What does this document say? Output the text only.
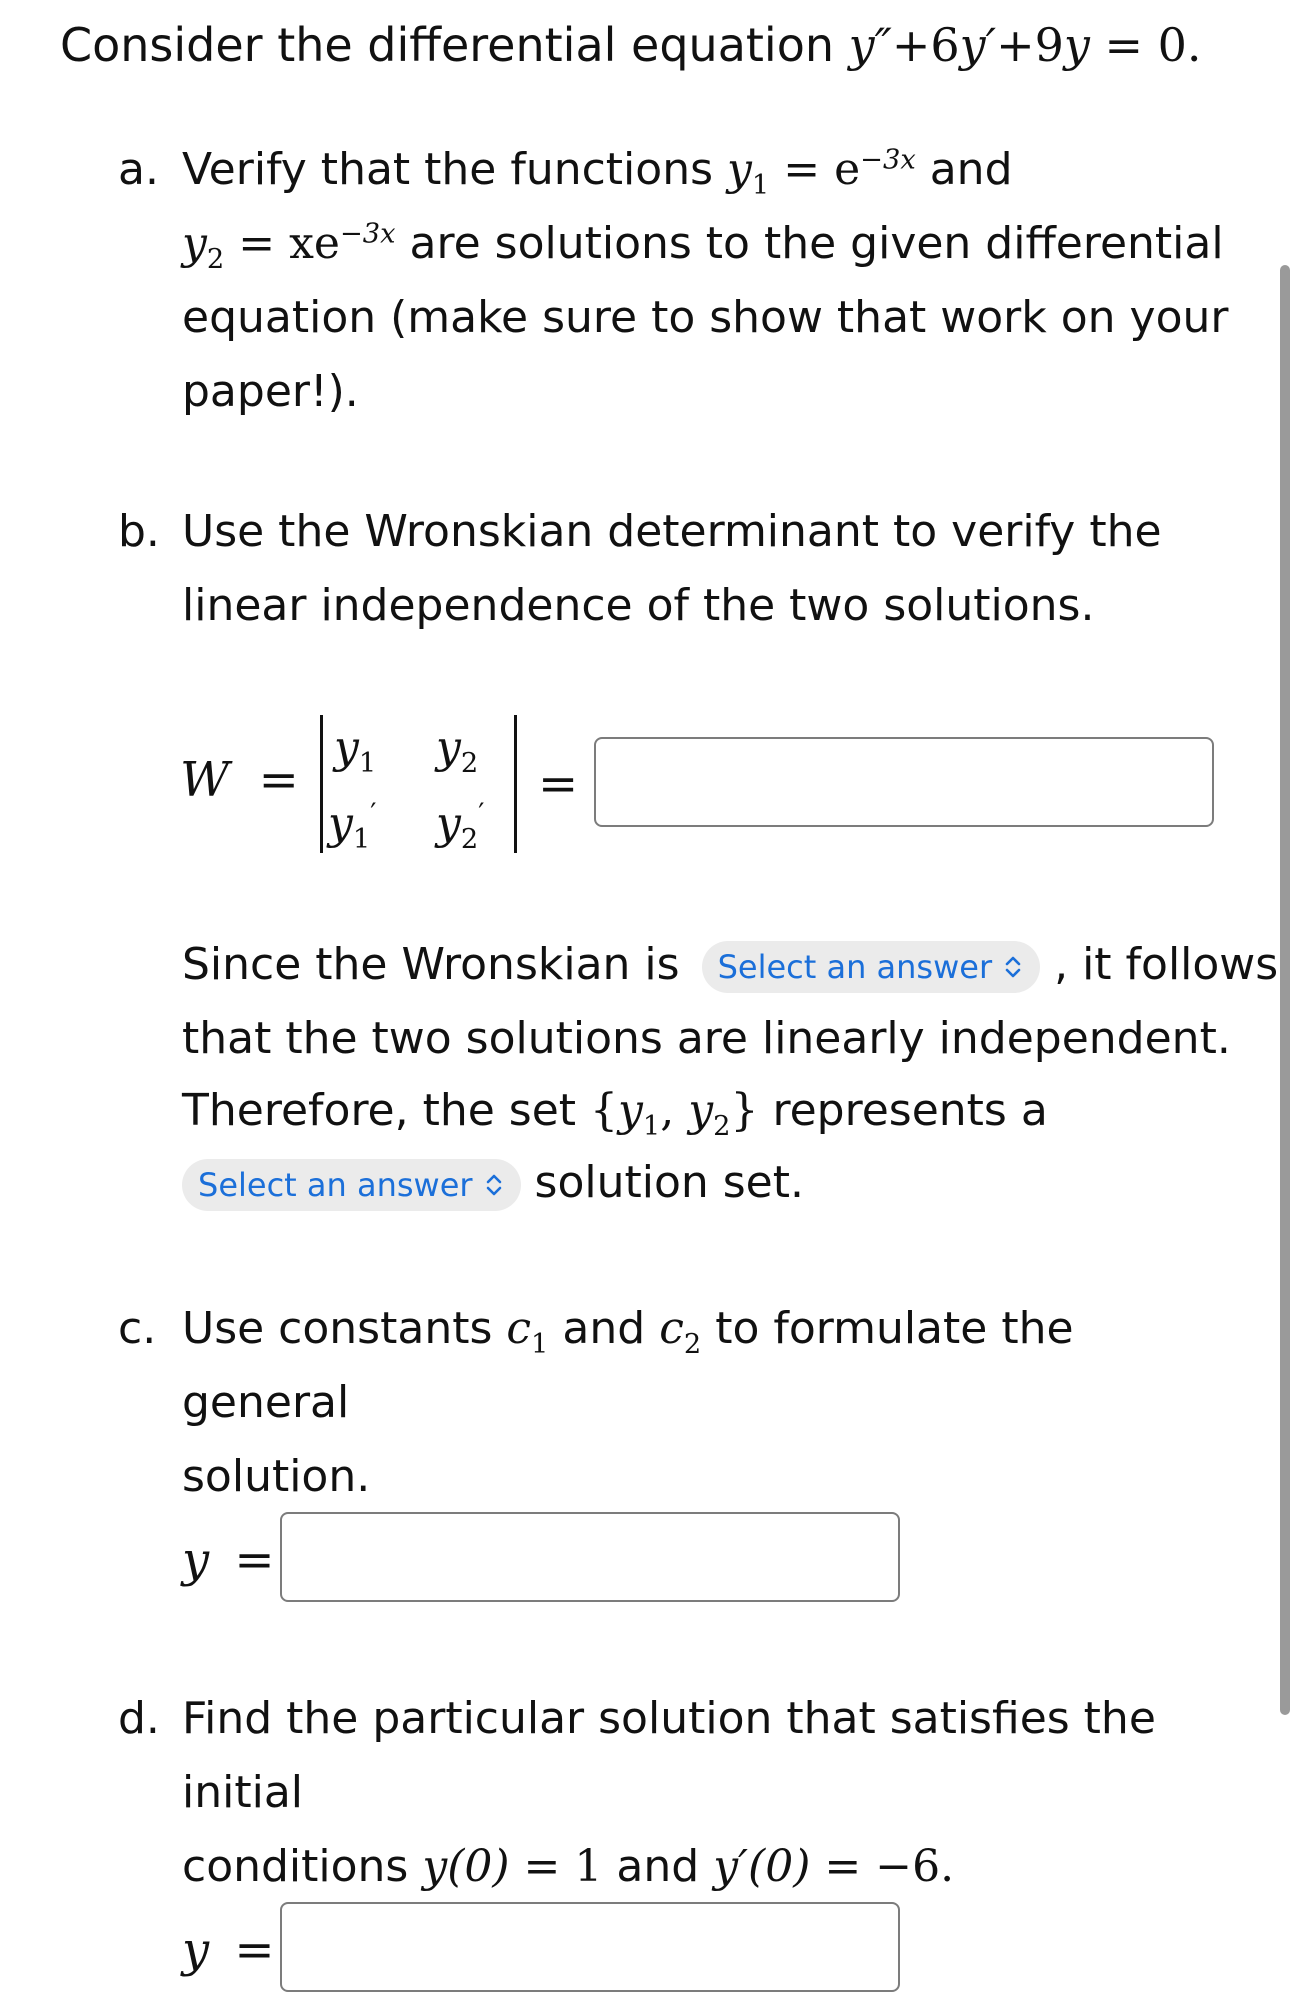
Consider the differential equation y″+6y′+9y = 0.
a. Verify that the functions $y_1 = e^{-3x}$ and
$y_2 = xe^{-3x}$ are solutions to the given differential
equation (make sure to show that work on your
paper!).
b. Use the Wronskian determinant to verify the
linear independence of the two solutions.
W =
$y_1$ $y_2$
$y_1'$ $y_2'$
=
Since the Wronskian is Select an answer , it follows
that the two solutions are linearly independent.
Therefore, the set {$y_1$, $y_2$} represents a
Select an answer solution set.
c. Use constants $c_1$ and $c_2$ to formulate the general
solution.
y =
d. Find the particular solution that satisfies the initial
conditions y(0) = 1 and y′(0) = −6.
y =
